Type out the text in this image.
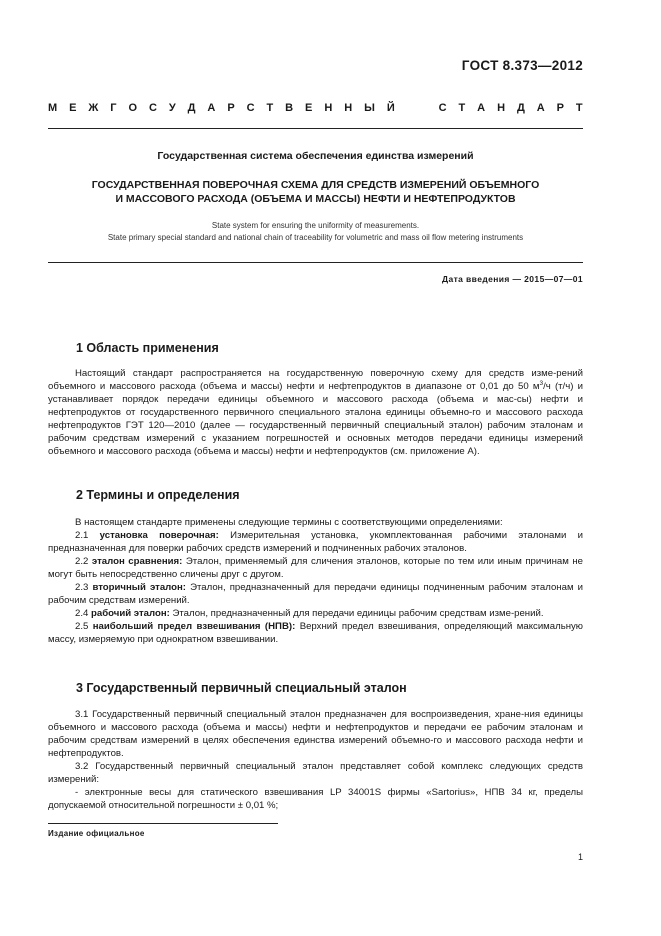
ГОСТ 8.373—2012
М Е Ж Г О С У Д А Р С Т В Е Н Н Ы Й	С Т А Н Д А Р Т
Государственная система обеспечения единства измерений
ГОСУДАРСТВЕННАЯ ПОВЕРОЧНАЯ СХЕМА ДЛЯ СРЕДСТВ ИЗМЕРЕНИЙ ОБЪЕМНОГО
И МАССОВОГО РАСХОДА (ОБЪЕМА И МАССЫ) НЕФТИ И НЕФТЕПРОДУКТОВ
State system for ensuring the uniformity of measurements.
State primary special standard and national chain of traceability for volumetric and mass oil flow metering instruments
Дата введения — 2015—07—01
1 Область применения

Настоящий стандарт распространяется на государственную поверочную схему для средств изме-рений объемного и массового расхода (объема и массы) нефти и нефтепродуктов в диапазоне от 0,01 до 50 $м^3/ч$ (т/ч) и устанавливает порядок передачи единицы объемного и массового расхода (объема и мас-сы) нефти и нефтепродуктов от государственного первичного специального эталона единицы объемно-го и массового расхода нефтепродуктов ГЭТ 120—2010 (далее — государственный первичный специальный эталон) рабочим эталонам и рабочим средствам измерений с указанием погрешностей и основных методов передачи единицы измерений объемного и массового расхода (объема и массы) нефти и нефтепродуктов (см. приложение А).

2 Термины и определения

В настоящем стандарте применены следующие термины с соответствующими определениями:

2.1 установка поверочная: Измерительная установка, укомплектованная рабочими эталонами и предназначенная для поверки рабочих средств измерений и подчиненных рабочих эталонов.

2.2 эталон сравнения: Эталон, применяемый для сличения эталонов, которые по тем или иным причинам не могут быть непосредственно сличены друг с другом.

2.3 вторичный эталон: Эталон, предназначенный для передачи единицы подчиненным рабочим эталонам и рабочим средствам измерений.

2.4 рабочий эталон: Эталон, предназначенный для передачи единицы рабочим средствам изме-рений.

2.5 наибольший предел взвешивания (НПВ): Верхний предел взвешивания, определяющий максимальную массу, измеряемую при однократном взвешивании.

3 Государственный первичный специальный эталон

3.1 Государственный первичный специальный эталон предназначен для воспроизведения, хране-ния единицы объемного и массового расхода (объема и массы) нефти и нефтепродуктов и передачи ее рабочим эталонам и рабочим средствам измерений в целях обеспечения единства измерений объемно-го и массового расхода нефти и нефтепродуктов.

3.2 Государственный первичный специальный эталон представляет собой комплекс следующих средств измерений:

- электронные весы для статического взвешивания LP 34001S фирмы «Sartorius», НПВ 34 кг, пределы допускаемой относительной погрешности ± 0,01 %;

Издание официальное
1
